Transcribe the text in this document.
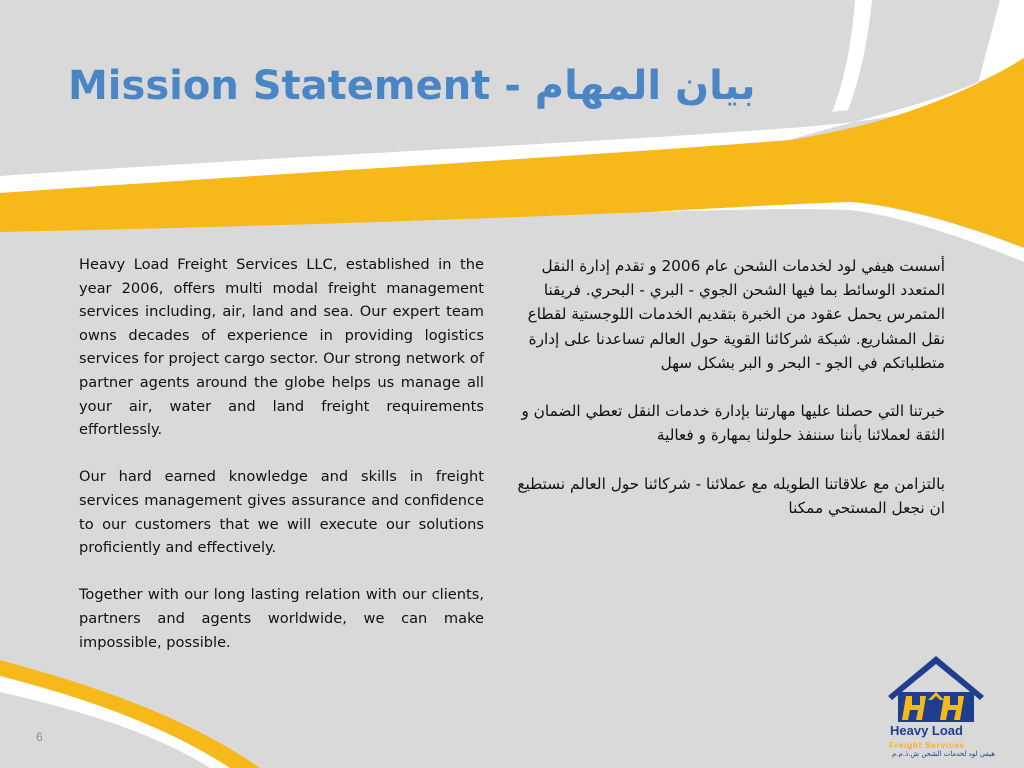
Mission Statement - بيان المهام

Heavy Load Freight Services LLC, established in the year 2006, offers multi modal freight management services including, air, land and sea. Our expert team owns decades of experience in providing logistics services for project cargo sector. Our strong network of partner agents around the globe helps us manage all your air, water and land freight requirements effortlessly.

Our hard earned knowledge and skills in freight services management gives assurance and confidence to our customers that we will execute our solutions proficiently and effectively.

Together with our long lasting relation with our clients, partners and agents worldwide, we can make impossible, possible.

أسست هيفي لود لخدمات الشحن عام 2006 و تقدم إدارة النقل المتعدد الوسائط بما فيها الشحن الجوي - البري - البحري. فريقنا المتمرس يحمل عقود من الخبرة بتقديم الخدمات اللوجستية لقطاع نقل المشاريع. شبكة شركائنا القوية حول العالم تساعدنا على إدارة متطلباتكم في الجو - البحر و البر بشكل سهل

خبرتنا التي حصلنا عليها مهارتنا بإدارة خدمات النقل تعطي الضمان و الثقة لعملائنا بأننا سننفذ حلولنا بمهارة و فعالية

بالتزامن مع علاقاتنا الطويله مع عملائنا - شركائنا حول العالم نستطيع ان نجعل المستحي ممكنا

6	Heavy Load
Freight Services
هيفي لود لخدمات الشحن ش.ذ.م.م
